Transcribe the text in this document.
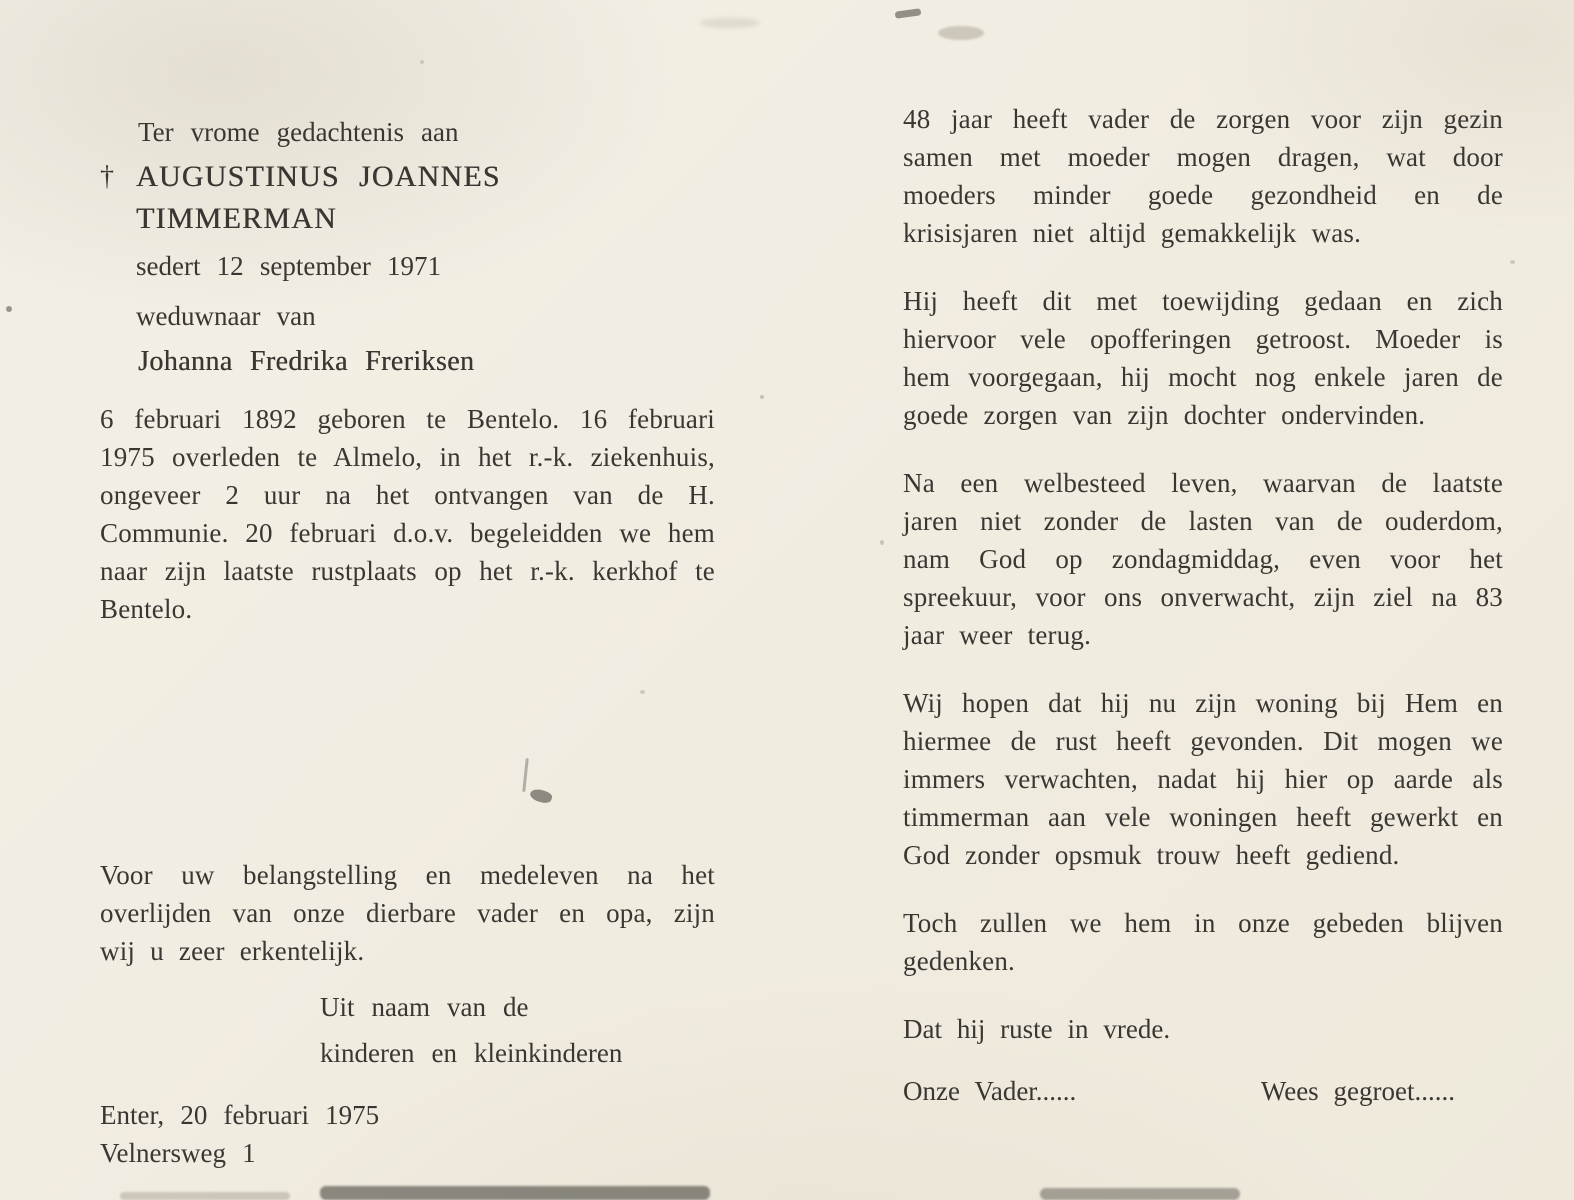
Ter vrome gedachtenis aan
† AUGUSTINUS JOANNES
TIMMERMAN
sedert 12 september 1971
weduwnaar van
Johanna Fredrika Freriksen

6 februari 1892 geboren te Bentelo. 16 februari 1975 overleden te Almelo, in het r.-k. ziekenhuis, ongeveer 2 uur na het ontvangen van de H. Communie. 20 februari d.o.v. begeleidden we hem naar zijn laatste rustplaats op het r.-k. kerkhof te Bentelo.

Voor uw belangstelling en medeleven na het overlijden van onze dierbare vader en opa, zijn wij u zeer erkentelijk.

Uit naam van de
kinderen en kleinkinderen
Enter, 20 februari 1975
Velnersweg 1

48 jaar heeft vader de zorgen voor zijn gezin samen met moeder mogen dragen, wat door moeders minder goede gezondheid en de krisisjaren niet altijd gemakkelijk was.

Hij heeft dit met toewijding gedaan en zich hiervoor vele opofferingen getroost. Moeder is hem voorgegaan, hij mocht nog enkele jaren de goede zorgen van zijn dochter ondervinden.

Na een welbesteed leven, waarvan de laatste jaren niet zonder de lasten van de ouderdom, nam God op zondagmiddag, even voor het spreekuur, voor ons onverwacht, zijn ziel na 83 jaar weer terug.

Wij hopen dat hij nu zijn woning bij Hem en hiermee de rust heeft gevonden. Dit mogen we immers verwachten, nadat hij hier op aarde als timmerman aan vele woningen heeft gewerkt en God zonder opsmuk trouw heeft gediend.

Toch zullen we hem in onze gebeden blijven gedenken.

Dat hij ruste in vrede.

Onze Vader......	Wees gegroet......
